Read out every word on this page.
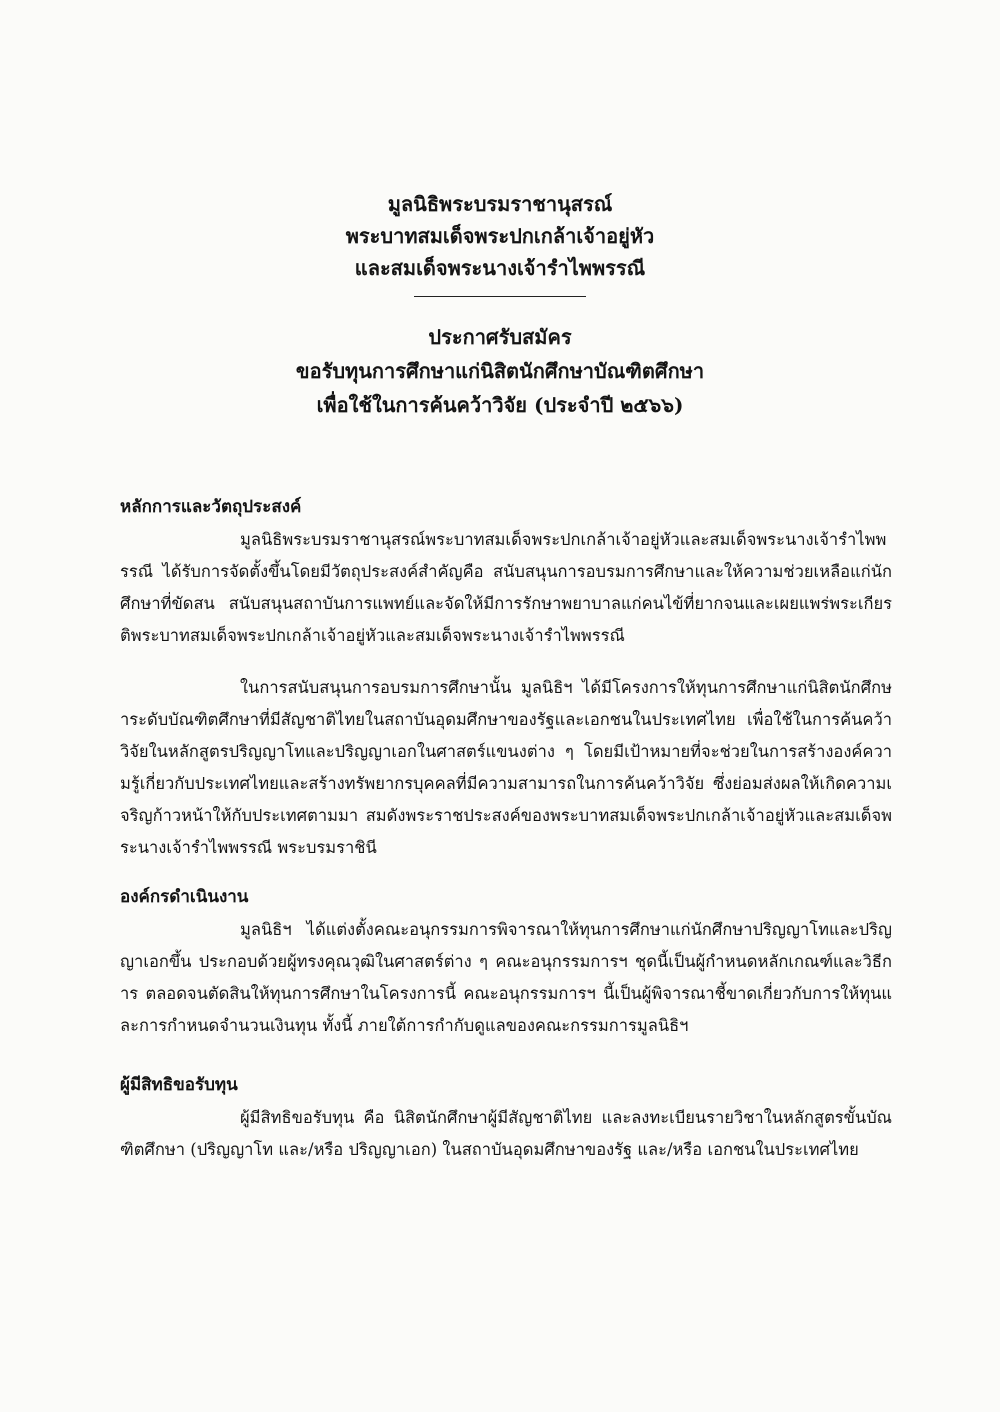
มูลนิธิพระบรมราชานุสรณ์
พระบาทสมเด็จพระปกเกล้าเจ้าอยู่หัว
และสมเด็จพระนางเจ้ารำไพพรรณี
ประกาศรับสมัคร
ขอรับทุนการศึกษาแก่นิสิตนักศึกษาบัณฑิตศึกษา
เพื่อใช้ในการค้นคว้าวิจัย (ประจำปี ๒๕๖๖)
หลักการและวัตถุประสงค์

มูลนิธิพระบรมราชานุสรณ์พระบาทสมเด็จพระปกเกล้าเจ้าอยู่หัวและสมเด็จพระนางเจ้ารำไพพรรณี ได้รับการจัดตั้งขึ้นโดยมีวัตถุประสงค์สำคัญคือ สนับสนุนการอบรมการศึกษาและให้ความช่วยเหลือแก่นักศึกษาที่ขัดสน สนับสนุนสถาบันการแพทย์และจัดให้มีการรักษาพยาบาลแก่คนไข้ที่ยากจนและเผยแพร่พระเกียรติพระบาทสมเด็จพระปกเกล้าเจ้าอยู่หัวและสมเด็จพระนางเจ้ารำไพพรรณี

ในการสนับสนุนการอบรมการศึกษานั้น มูลนิธิฯ ได้มีโครงการให้ทุนการศึกษาแก่นิสิตนักศึกษาระดับบัณฑิตศึกษาที่มีสัญชาติไทยในสถาบันอุดมศึกษาของรัฐและเอกชนในประเทศไทย เพื่อใช้ในการค้นคว้าวิจัยในหลักสูตรปริญญาโทและปริญญาเอกในศาสตร์แขนงต่าง ๆ โดยมีเป้าหมายที่จะช่วยในการสร้างองค์ความรู้เกี่ยวกับประเทศไทยและสร้างทรัพยากรบุคคลที่มีความสามารถในการค้นคว้าวิจัย ซึ่งย่อมส่งผลให้เกิดความเจริญก้าวหน้าให้กับประเทศตามมา สมดังพระราชประสงค์ของพระบาทสมเด็จพระปกเกล้าเจ้าอยู่หัวและสมเด็จพระนางเจ้ารำไพพรรณี พระบรมราชินี

องค์กรดำเนินงาน

มูลนิธิฯ ได้แต่งตั้งคณะอนุกรรมการพิจารณาให้ทุนการศึกษาแก่นักศึกษาปริญญาโทและปริญญาเอกขึ้น ประกอบด้วยผู้ทรงคุณวุฒิในศาสตร์ต่าง ๆ คณะอนุกรรมการฯ ชุดนี้เป็นผู้กำหนดหลักเกณฑ์และวิธีการ ตลอดจนตัดสินให้ทุนการศึกษาในโครงการนี้ คณะอนุกรรมการฯ นี้เป็นผู้พิจารณาชี้ขาดเกี่ยวกับการให้ทุนและการกำหนดจำนวนเงินทุน ทั้งนี้ ภายใต้การกำกับดูแลของคณะกรรมการมูลนิธิฯ

ผู้มีสิทธิขอรับทุน

ผู้มีสิทธิขอรับทุน คือ นิสิตนักศึกษาผู้มีสัญชาติไทย และลงทะเบียนรายวิชาในหลักสูตรขั้นบัณฑิตศึกษา (ปริญญาโท และ/หรือ ปริญญาเอก) ในสถาบันอุดมศึกษาของรัฐ และ/หรือ เอกชนในประเทศไทย
